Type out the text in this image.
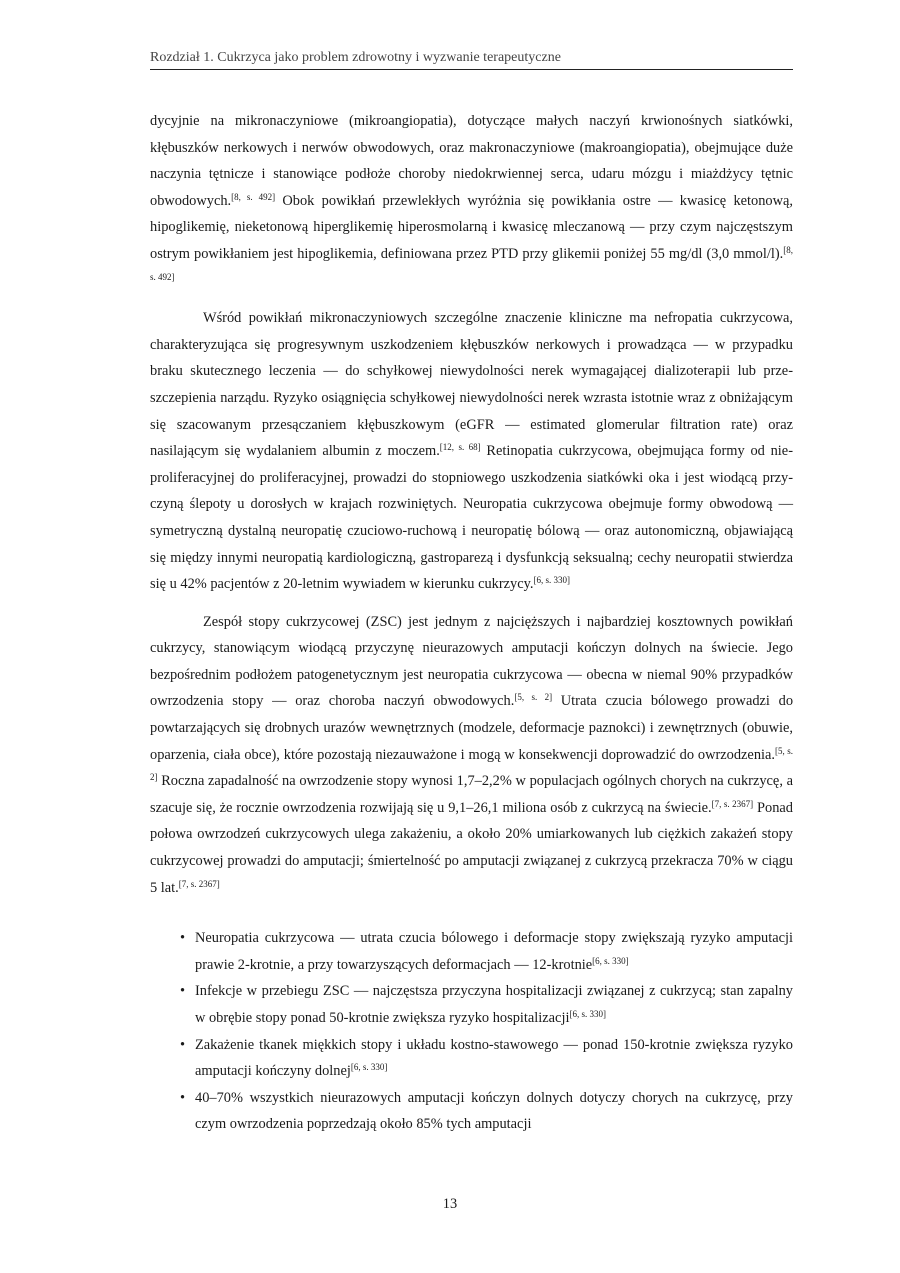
Rozdział 1. Cukrzyca jako problem zdrowotny i wyzwanie terapeutyczne

dycyjnie na mikronaczyniowe (mikroangiopatia), dotyczące małych naczyń krwionośnych siatkówki, kłębuszków nerkowych i nerwów obwodowych, oraz makronaczyniowe (makroangiopatia), obejmujące duże naczynia tętnicze i stanowiące podłoże choroby niedokrwiennej serca, udaru mózgu i miażdżycy tętnic obwodowych.[8, s. 492] Obok powikłań przewlekłych wyróżnia się powikłania ostre — kwasicę ketonową, hipoglikemię, nieketonową hiperglikemię hiperosmolarną i kwasicę mleczanową — przy czym najczęstszym ostrym powikłaniem jest hipoglikemia, definiowana przez PTD przy glikemii poniżej 55 mg/dl (3,0 mmol/l).[8, s. 492]

Wśród powikłań mikronaczyniowych szczególne znaczenie kliniczne ma nefropatia cukrzycowa, charakteryzująca się progresywnym uszkodzeniem kłębuszków nerkowych i prowadząca — w przypadku braku skutecznego leczenia — do schyłkowej niewydolności nerek wymagającej dializoterapii lub przeszczepienia narządu. Ryzyko osiągnięcia schyłkowej niewydolności nerek wzrasta istotnie wraz z obniżającym się szacowanym przesączaniem kłębuszkowym (eGFR — estimated glomerular filtration rate) oraz nasilającym się wydalaniem albumin z moczem.[12, s. 68] Retinopatia cukrzycowa, obejmująca formy od nieproliferacyjnej do proliferacyjnej, prowadzi do stopniowego uszkodzenia siatkówki oka i jest wiodącą przyczyną ślepoty u dorosłych w krajach rozwiniętych. Neuropatia cukrzycowa obejmuje formy obwodową — symetryczną dystalną neuropatię czuciowo-ruchową i neuropatię bólową — oraz autonomiczną, objawiającą się między innymi neuropatią kardiologiczną, gastroparezą i dysfunkcją seksualną; cechy neuropatii stwierdza się u 42% pacjentów z 20-letnim wywiadem w kierunku cukrzycy.[6, s. 330]

Zespół stopy cukrzycowej (ZSC) jest jednym z najcięższych i najbardziej kosztownych powikłań cukrzycy, stanowiącym wiodącą przyczynę nieurazowych amputacji kończyn dolnych na świecie. Jego bezpośrednim podłożem patogenetycznym jest neuropatia cukrzycowa — obecna w niemal 90% przypadków owrzodzenia stopy — oraz choroba naczyń obwodowych.[5, s. 2] Utrata czucia bólowego prowadzi do powtarzających się drobnych urazów wewnętrznych (modzele, deformacje paznokci) i zewnętrznych (obuwie, oparzenia, ciała obce), które pozostają niezauważone i mogą w konsekwencji doprowadzić do owrzodzenia.[5, s. 2] Roczna zapadalność na owrzodzenie stopy wynosi 1,7–2,2% w populacjach ogólnych chorych na cukrzycę, a szacuje się, że rocznie owrzodzenia rozwijają się u 9,1–26,1 miliona osób z cukrzycą na świecie.[7, s. 2367] Ponad połowa owrzodzeń cukrzycowych ulega zakażeniu, a około 20% umiarkowanych lub ciężkich zakażeń stopy cukrzycowej prowadzi do amputacji; śmiertelność po amputacji związanej z cukrzycą przekracza 70% w ciągu 5 lat.[7, s. 2367]

• Neuropatia cukrzycowa — utrata czucia bólowego i deformacje stopy zwiększają ryzyko amputacji prawie 2-krotnie, a przy towarzyszących deformacjach — 12-krotnie[6, s. 330]
• Infekcje w przebiegu ZSC — najczęstsza przyczyna hospitalizacji związanej z cukrzycą; stan zapalny w obrębie stopy ponad 50-krotnie zwiększa ryzyko hospitalizacji[6, s. 330]
• Zakażenie tkanek miękkich stopy i układu kostno-stawowego — ponad 150-krotnie zwiększa ryzyko amputacji kończyny dolnej[6, s. 330]
• 40–70% wszystkich nieurazowych amputacji kończyn dolnych dotyczy chorych na cukrzycę, przy czym owrzodzenia poprzedzają około 85% tych amputacji
13
